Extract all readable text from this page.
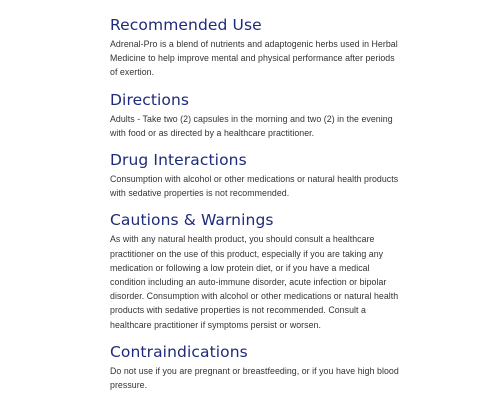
Recommended Use

Adrenal-Pro is a blend of nutrients and adaptogenic herbs used in Herbal Medicine to help improve mental and physical performance after periods of exertion.

Directions

Adults - Take two (2) capsules in the morning and two (2) in the evening with food or as directed by a healthcare practitioner.

Drug Interactions

Consumption with alcohol or other medications or natural health products with sedative properties is not recommended.

Cautions & Warnings

As with any natural health product, you should consult a healthcare practitioner on the use of this product, especially if you are taking any medication or following a low protein diet, or if you have a medical condition including an auto-immune disorder, acute infection or bipolar disorder. Consumption with alcohol or other medications or natural health products with sedative properties is not recommended. Consult a healthcare practitioner if symptoms persist or worsen.

Contraindications

Do not use if you are pregnant or breastfeeding, or if you have high blood pressure.
